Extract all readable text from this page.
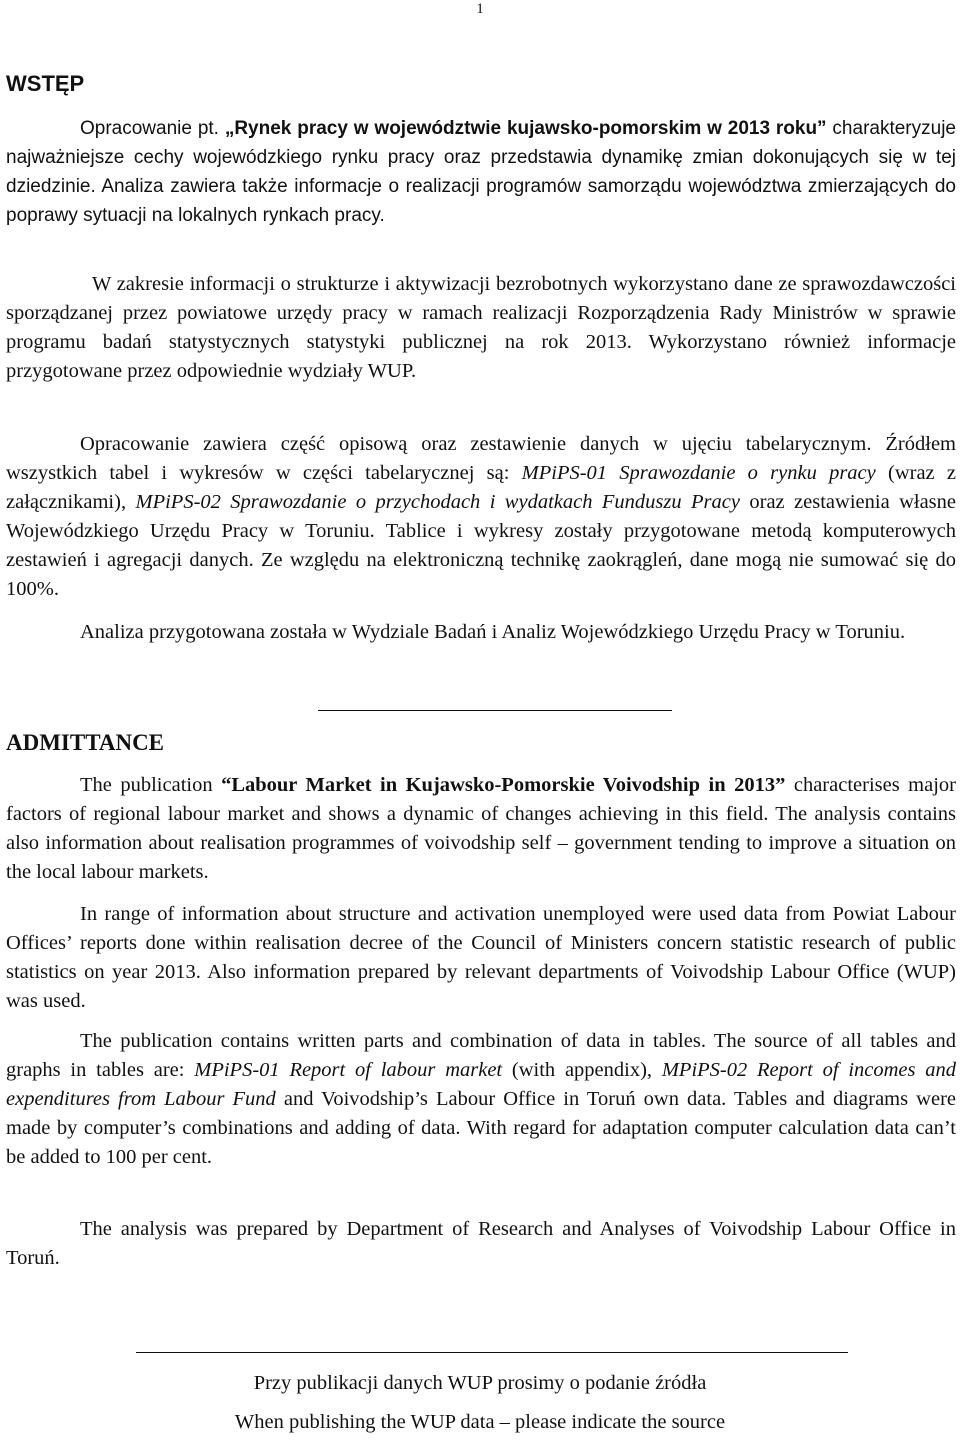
1
WSTĘP

Opracowanie pt. „Rynek pracy w województwie kujawsko-pomorskim w 2013 roku” charakteryzuje najważniejsze cechy wojewódzkiego rynku pracy oraz przedstawia dynamikę zmian dokonujących się w tej dziedzinie. Analiza zawiera także informacje o realizacji programów samorządu województwa zmierzających do poprawy sytuacji na lokalnych rynkach pracy.

W zakresie informacji o strukturze i aktywizacji bezrobotnych wykorzystano dane ze sprawozdawczości sporządzanej przez powiatowe urzędy pracy w ramach realizacji Rozporządzenia Rady Ministrów w sprawie programu badań statystycznych statystyki publicznej na rok 2013. Wykorzystano również informacje przygotowane przez odpowiednie wydziały WUP.

Opracowanie zawiera część opisową oraz zestawienie danych w ujęciu tabelarycznym. Źródłem wszystkich tabel i wykresów w części tabelarycznej są: MPiPS-01 Sprawozdanie o rynku pracy (wraz z załącznikami), MPiPS-02 Sprawozdanie o przychodach i wydatkach Funduszu Pracy oraz zestawienia własne Wojewódzkiego Urzędu Pracy w Toruniu. Tablice i wykresy zostały przygotowane metodą komputerowych zestawień i agregacji danych. Ze względu na elektroniczną technikę zaokrągleń, dane mogą nie sumować się do 100%.

Analiza przygotowana została w Wydziale Badań i Analiz Wojewódzkiego Urzędu Pracy w Toruniu.

ADMITTANCE

The publication “Labour Market in Kujawsko-Pomorskie Voivodship in 2013” characterises major factors of regional labour market and shows a dynamic of changes achieving in this field. The analysis contains also information about realisation programmes of voivodship self – government tending to improve a situation on the local labour markets.

In range of information about structure and activation unemployed were used data from Powiat Labour Offices’ reports done within realisation decree of the Council of Ministers concern statistic research of public statistics on year 2013. Also information prepared by relevant departments of Voivodship Labour Office (WUP) was used.

The publication contains written parts and combination of data in tables. The source of all tables and graphs in tables are: MPiPS-01 Report of labour market (with appendix), MPiPS-02 Report of incomes and expenditures from Labour Fund and Voivodship’s Labour Office in Toruń own data. Tables and diagrams were made by computer’s combinations and adding of data. With regard for adaptation computer calculation data can’t be added to 100 per cent.

The analysis was prepared by Department of Research and Analyses of Voivodship Labour Office in Toruń.

Przy publikacji danych WUP prosimy o podanie źródła

When publishing the WUP data – please indicate the source
